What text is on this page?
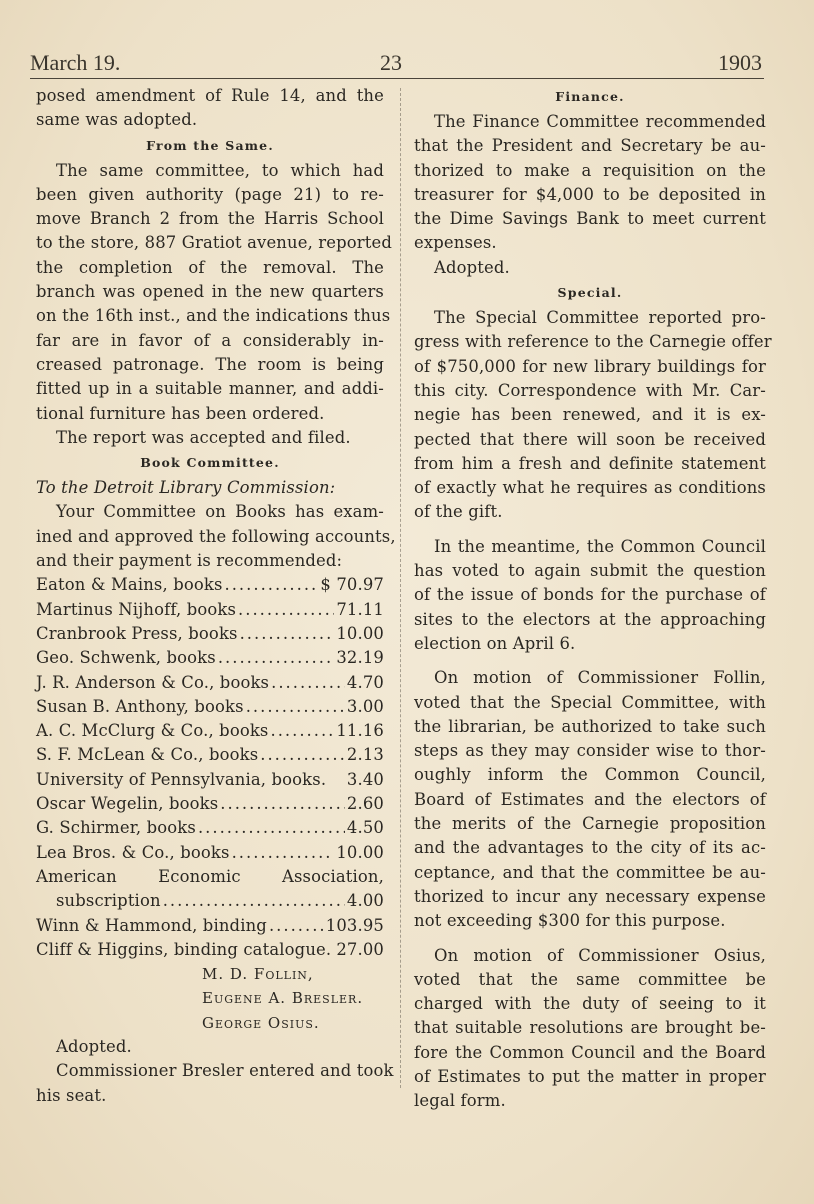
March 19.	23	1903
posed amendment of Rule 14, and the
same was adopted.
From the Same.
The same committee, to which had
been given authority (page 21) to re-
move Branch 2 from the Harris School
to the store, 887 Gratiot avenue, reported
the completion of the removal. The
branch was opened in the new quarters
on the 16th inst., and the indications thus
far are in favor of a considerably in-
creased patronage. The room is being
fitted up in a suitable manner, and addi-
tional furniture has been ordered.
The report was accepted and filed.
Book Committee.
To the Detroit Library Commission:
Your Committee on Books has exam-
ined and approved the following accounts,
and their payment is recommended:
Eaton & Mains, books .....	$ 70.97
Martinus Nijhoff, books .....	71.11
Cranbrook Press, books .....	10.00
Geo. Schwenk, books .....	32.19
J. R. Anderson & Co., books .....	4.70
Susan B. Anthony, books .....	3.00
A. C. McClurg & Co., books .....	11.16
S. F. McLean & Co., books .....	2.13
University of Pennsylvania, books. 3.40
Oscar Wegelin, books .....	2.60
G. Schirmer, books .....	4.50
Lea Bros. & Co., books .....	10.00
American Economic Association,
subscription .....	4.00
Winn & Hammond, binding .....	103.95
Cliff & Higgins, binding catalogue. 27.00
M. D. Follin,
Eugene A. Bresler.
George Osius.
Adopted.
Commissioner Bresler entered and took
his seat.
Finance.
The Finance Committee recommended
that the President and Secretary be au-
thorized to make a requisition on the
treasurer for $4,000 to be deposited in
the Dime Savings Bank to meet current
expenses.
Adopted.
Special.
The Special Committee reported pro-
gress with reference to the Carnegie offer
of $750,000 for new library buildings for
this city. Correspondence with Mr. Car-
negie has been renewed, and it is ex-
pected that there will soon be received
from him a fresh and definite statement
of exactly what he requires as conditions
of the gift.
In the meantime, the Common Council
has voted to again submit the question
of the issue of bonds for the purchase of
sites to the electors at the approaching
election on April 6.
On motion of Commissioner Follin,
voted that the Special Committee, with
the librarian, be authorized to take such
steps as they may consider wise to thor-
oughly inform the Common Council,
Board of Estimates and the electors of
the merits of the Carnegie proposition
and the advantages to the city of its ac-
ceptance, and that the committee be au-
thorized to incur any necessary expense
not exceeding $300 for this purpose.
On motion of Commissioner Osius,
voted that the same committee be
charged with the duty of seeing to it
that suitable resolutions are brought be-
fore the Common Council and the Board
of Estimates to put the matter in proper
legal form.
